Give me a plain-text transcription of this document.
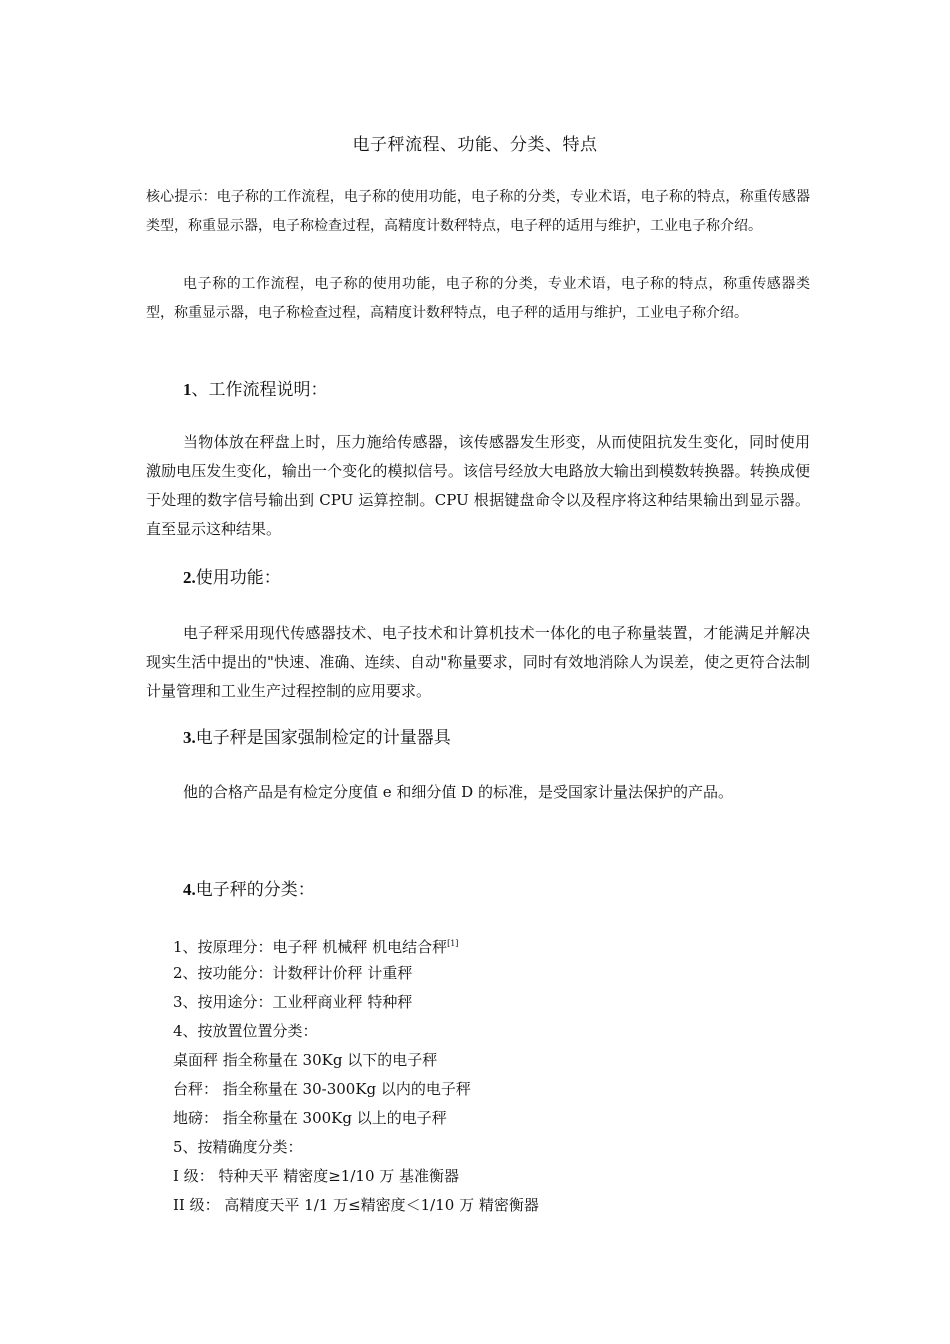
电子秤流程、功能、分类、特点
核心提示：电子称的工作流程，电子称的使用功能，电子称的分类，专业术语，电子称的特点，称重传感器类型，称重显示器，电子称检查过程，高精度计数秤特点，电子秤的适用与维护，工业电子称介绍。
电子称的工作流程，电子称的使用功能，电子称的分类，专业术语，电子称的特点，称重传感器类型，称重显示器，电子称检查过程，高精度计数秤特点，电子秤的适用与维护，工业电子称介绍。
1、工作流程说明：
当物体放在秤盘上时，压力施给传感器，该传感器发生形变，从而使阻抗发生变化，同时使用激励电压发生变化，输出一个变化的模拟信号。该信号经放大电路放大输出到模数转换器。转换成便于处理的数字信号输出到 CPU 运算控制。CPU 根据键盘命令以及程序将这种结果输出到显示器。直至显示这种结果。
2.使用功能：
电子秤采用现代传感器技术、电子技术和计算机技术一体化的电子称量装置，才能满足并解决现实生活中提出的"快速、准确、连续、自动"称量要求，同时有效地消除人为误差，使之更符合法制计量管理和工业生产过程控制的应用要求。
3.电子秤是国家强制检定的计量器具
他的合格产品是有检定分度值 e 和细分值 D 的标准，是受国家计量法保护的产品。
4.电子秤的分类：
1、按原理分：电子秤 机械秤 机电结合秤[1]
2、按功能分：计数秤计价秤 计重秤
3、按用途分：工业秤商业秤 特种秤
4、按放置位置分类：
桌面秤 指全称量在 30Kg 以下的电子秤
台秤： 指全称量在 30-300Kg 以内的电子秤
地磅： 指全称量在 300Kg 以上的电子秤
5、按精确度分类：
I 级： 特种天平 精密度≥1/10 万 基准衡器
II 级： 高精度天平 1/1 万≤精密度＜1/10 万 精密衡器
